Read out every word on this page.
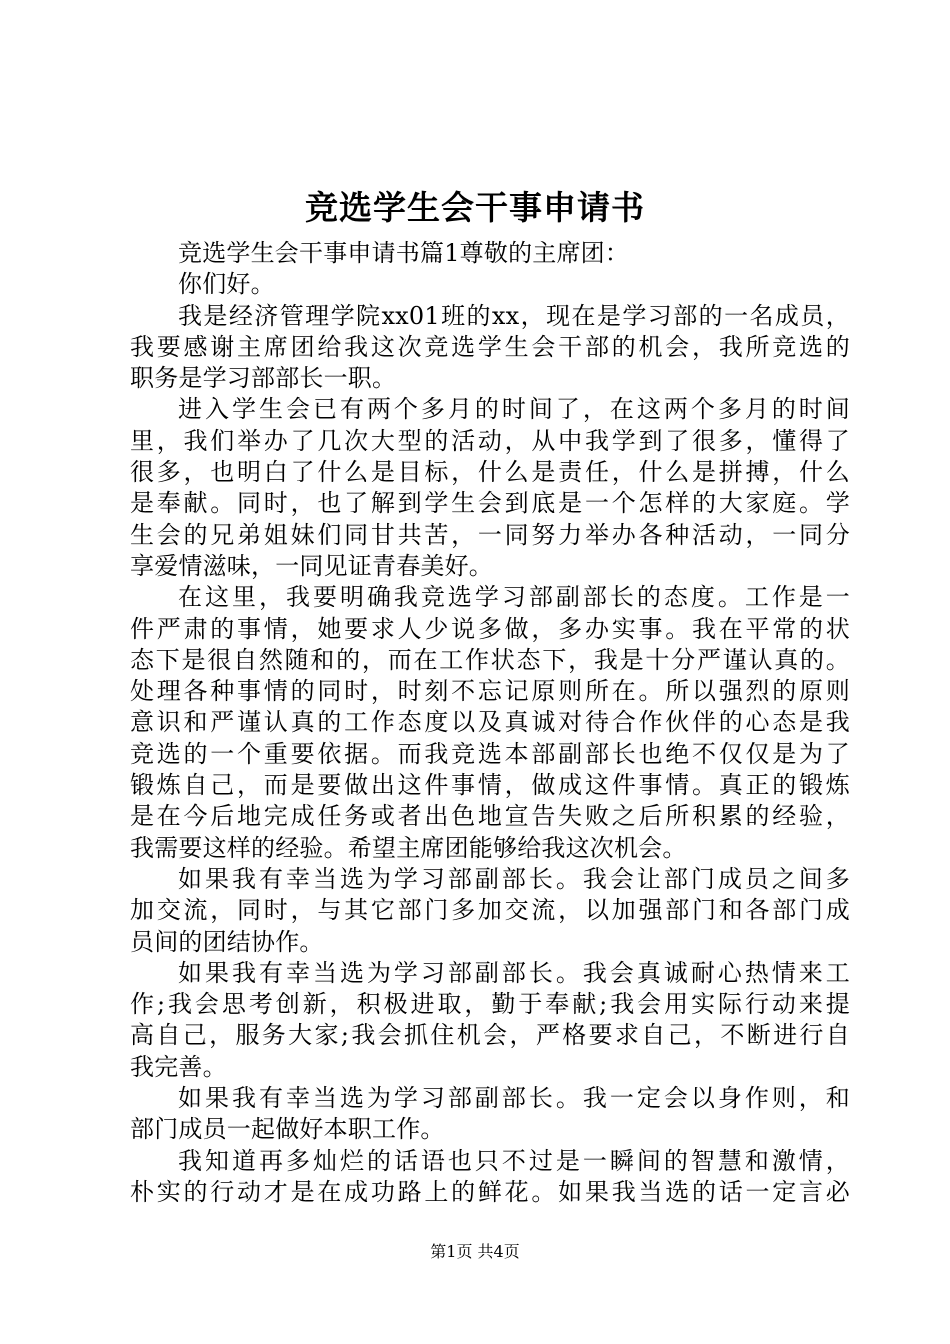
竞选学生会干事申请书
竞选学生会干事申请书篇1尊敬的主席团：
你们好。
我是经济管理学院xx01班的xx，现在是学习部的一名成员，
我要感谢主席团给我这次竞选学生会干部的机会，我所竞选的
职务是学习部部长一职。
进入学生会已有两个多月的时间了，在这两个多月的时间
里，我们举办了几次大型的活动，从中我学到了很多，懂得了
很多，也明白了什么是目标，什么是责任，什么是拼搏，什么
是奉献。同时，也了解到学生会到底是一个怎样的大家庭。学
生会的兄弟姐妹们同甘共苦，一同努力举办各种活动，一同分
享爱情滋味，一同见证青春美好。
在这里，我要明确我竞选学习部副部长的态度。工作是一
件严肃的事情，她要求人少说多做，多办实事。我在平常的状
态下是很自然随和的，而在工作状态下，我是十分严谨认真的。
处理各种事情的同时，时刻不忘记原则所在。所以强烈的原则
意识和严谨认真的工作态度以及真诚对待合作伙伴的心态是我
竞选的一个重要依据。而我竞选本部副部长也绝不仅仅是为了
锻炼自己，而是要做出这件事情，做成这件事情。真正的锻炼
是在今后地完成任务或者出色地宣告失败之后所积累的经验，
我需要这样的经验。希望主席团能够给我这次机会。
如果我有幸当选为学习部副部长。我会让部门成员之间多
加交流，同时，与其它部门多加交流，以加强部门和各部门成
员间的团结协作。
如果我有幸当选为学习部副部长。我会真诚耐心热情来工
作;我会思考创新，积极进取，勤于奉献;我会用实际行动来提
高自己，服务大家;我会抓住机会，严格要求自己，不断进行自
我完善。
如果我有幸当选为学习部副部长。我一定会以身作则，和
部门成员一起做好本职工作。
我知道再多灿烂的话语也只不过是一瞬间的智慧和激情，
朴实的行动才是在成功路上的鲜花。如果我当选的话一定言必
第1页 共4页
